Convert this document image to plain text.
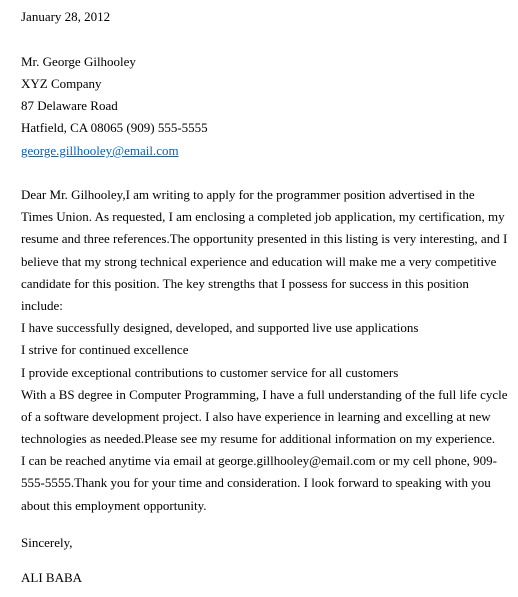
January 28, 2012
Mr. George Gilhooley
XYZ Company
87 Delaware Road
Hatfield, CA 08065 (909) 555-5555
george.gillhooley@email.com
Dear Mr. Gilhooley,I am writing to apply for the programmer position advertised in the
Times Union. As requested, I am enclosing a completed job application, my certification, my
resume and three references.The opportunity presented in this listing is very interesting, and I
believe that my strong technical experience and education will make me a very competitive
candidate for this position. The key strengths that I possess for success in this position
include:
I have successfully designed, developed, and supported live use applications
I strive for continued excellence
I provide exceptional contributions to customer service for all customers
With a BS degree in Computer Programming, I have a full understanding of the full life cycle
of a software development project. I also have experience in learning and excelling at new
technologies as needed.Please see my resume for additional information on my experience.
I can be reached anytime via email at george.gillhooley@email.com or my cell phone, 909-
555-5555.Thank you for your time and consideration. I look forward to speaking with you
about this employment opportunity.
Sincerely,
ALI BABA
